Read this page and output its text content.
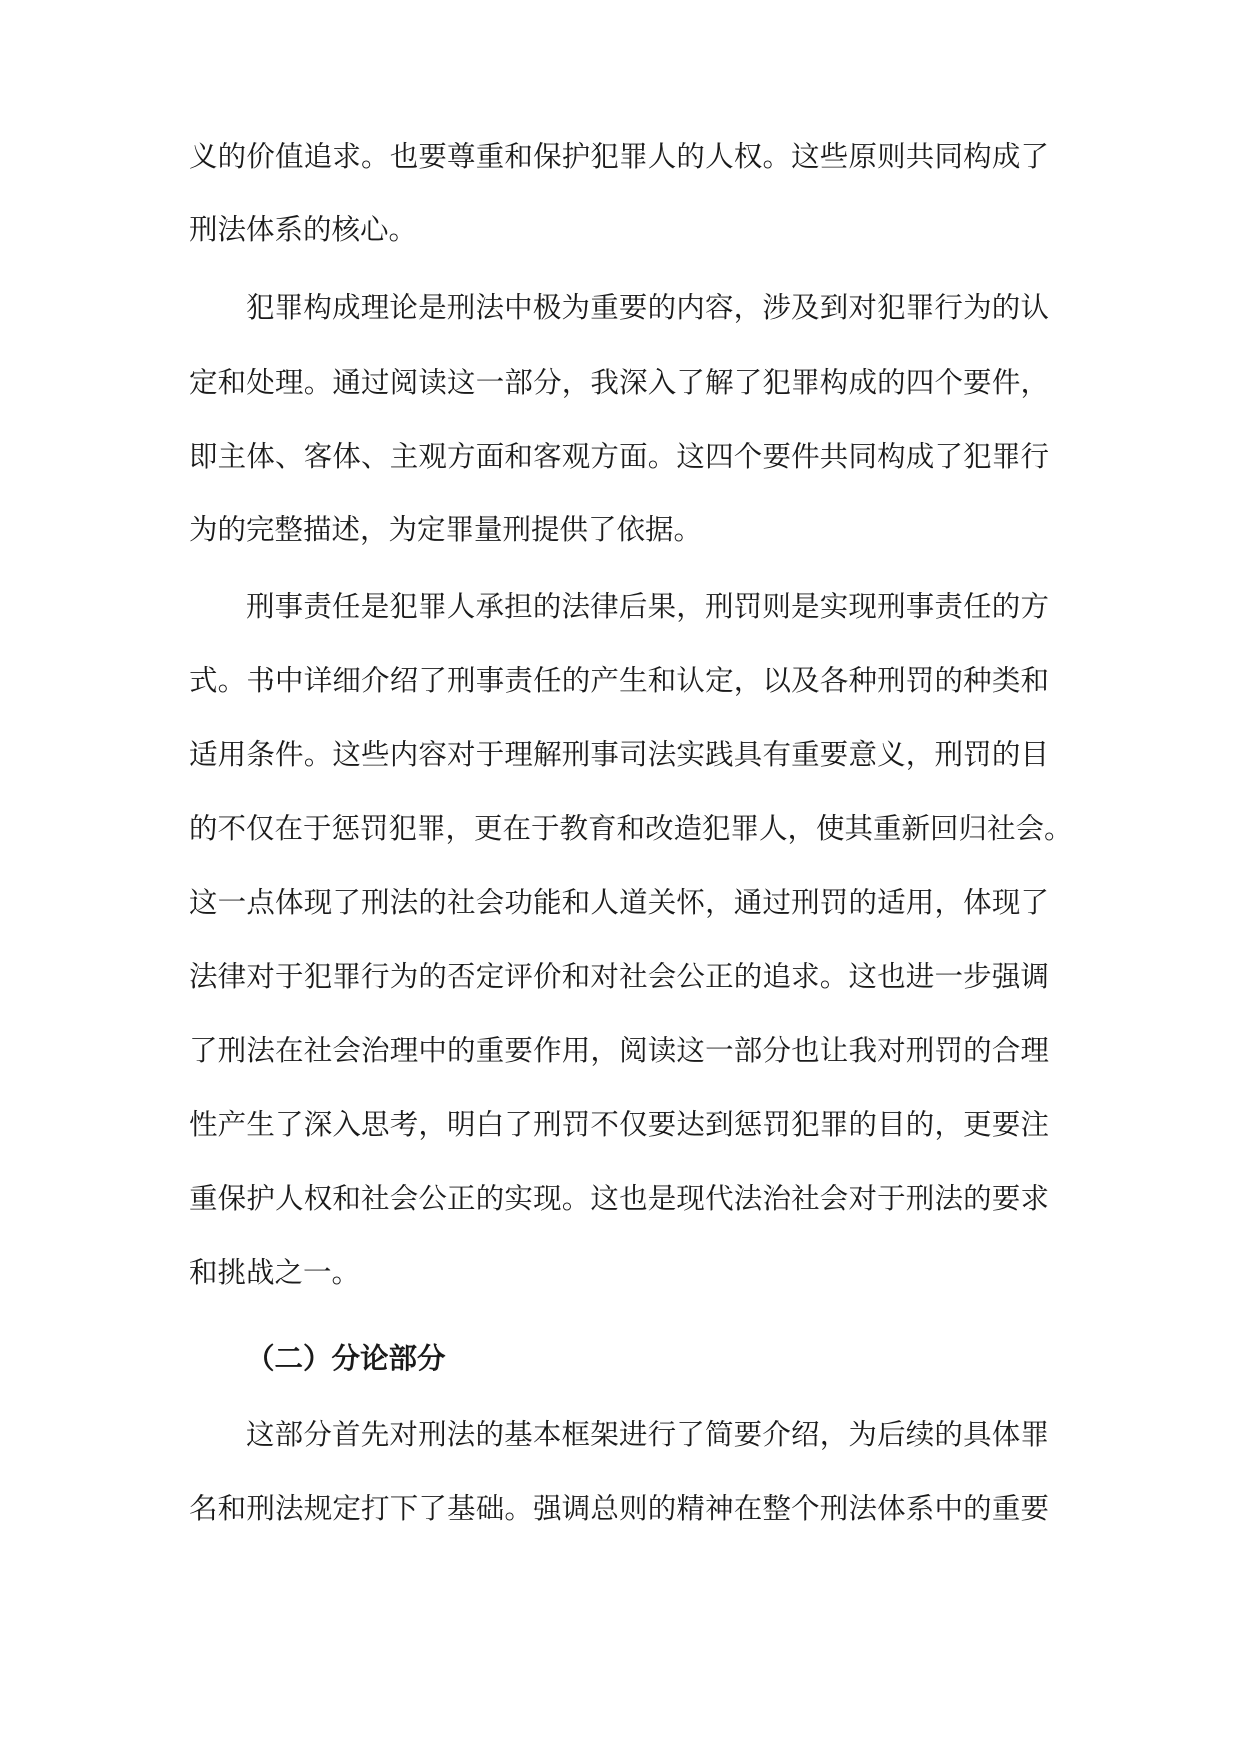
义的价值追求。也要尊重和保护犯罪人的人权。这些原则共同构成了
刑法体系的核心。
犯罪构成理论是刑法中极为重要的内容，涉及到对犯罪行为的认
定和处理。通过阅读这一部分，我深入了解了犯罪构成的四个要件，
即主体、客体、主观方面和客观方面。这四个要件共同构成了犯罪行
为的完整描述，为定罪量刑提供了依据。
刑事责任是犯罪人承担的法律后果，刑罚则是实现刑事责任的方
式。书中详细介绍了刑事责任的产生和认定，以及各种刑罚的种类和
适用条件。这些内容对于理解刑事司法实践具有重要意义，刑罚的目
的不仅在于惩罚犯罪，更在于教育和改造犯罪人，使其重新回归社会。
这一点体现了刑法的社会功能和人道关怀，通过刑罚的适用，体现了
法律对于犯罪行为的否定评价和对社会公正的追求。这也进一步强调
了刑法在社会治理中的重要作用，阅读这一部分也让我对刑罚的合理
性产生了深入思考，明白了刑罚不仅要达到惩罚犯罪的目的，更要注
重保护人权和社会公正的实现。这也是现代法治社会对于刑法的要求
和挑战之一。
（二）分论部分
这部分首先对刑法的基本框架进行了简要介绍，为后续的具体罪
名和刑法规定打下了基础。强调总则的精神在整个刑法体系中的重要
